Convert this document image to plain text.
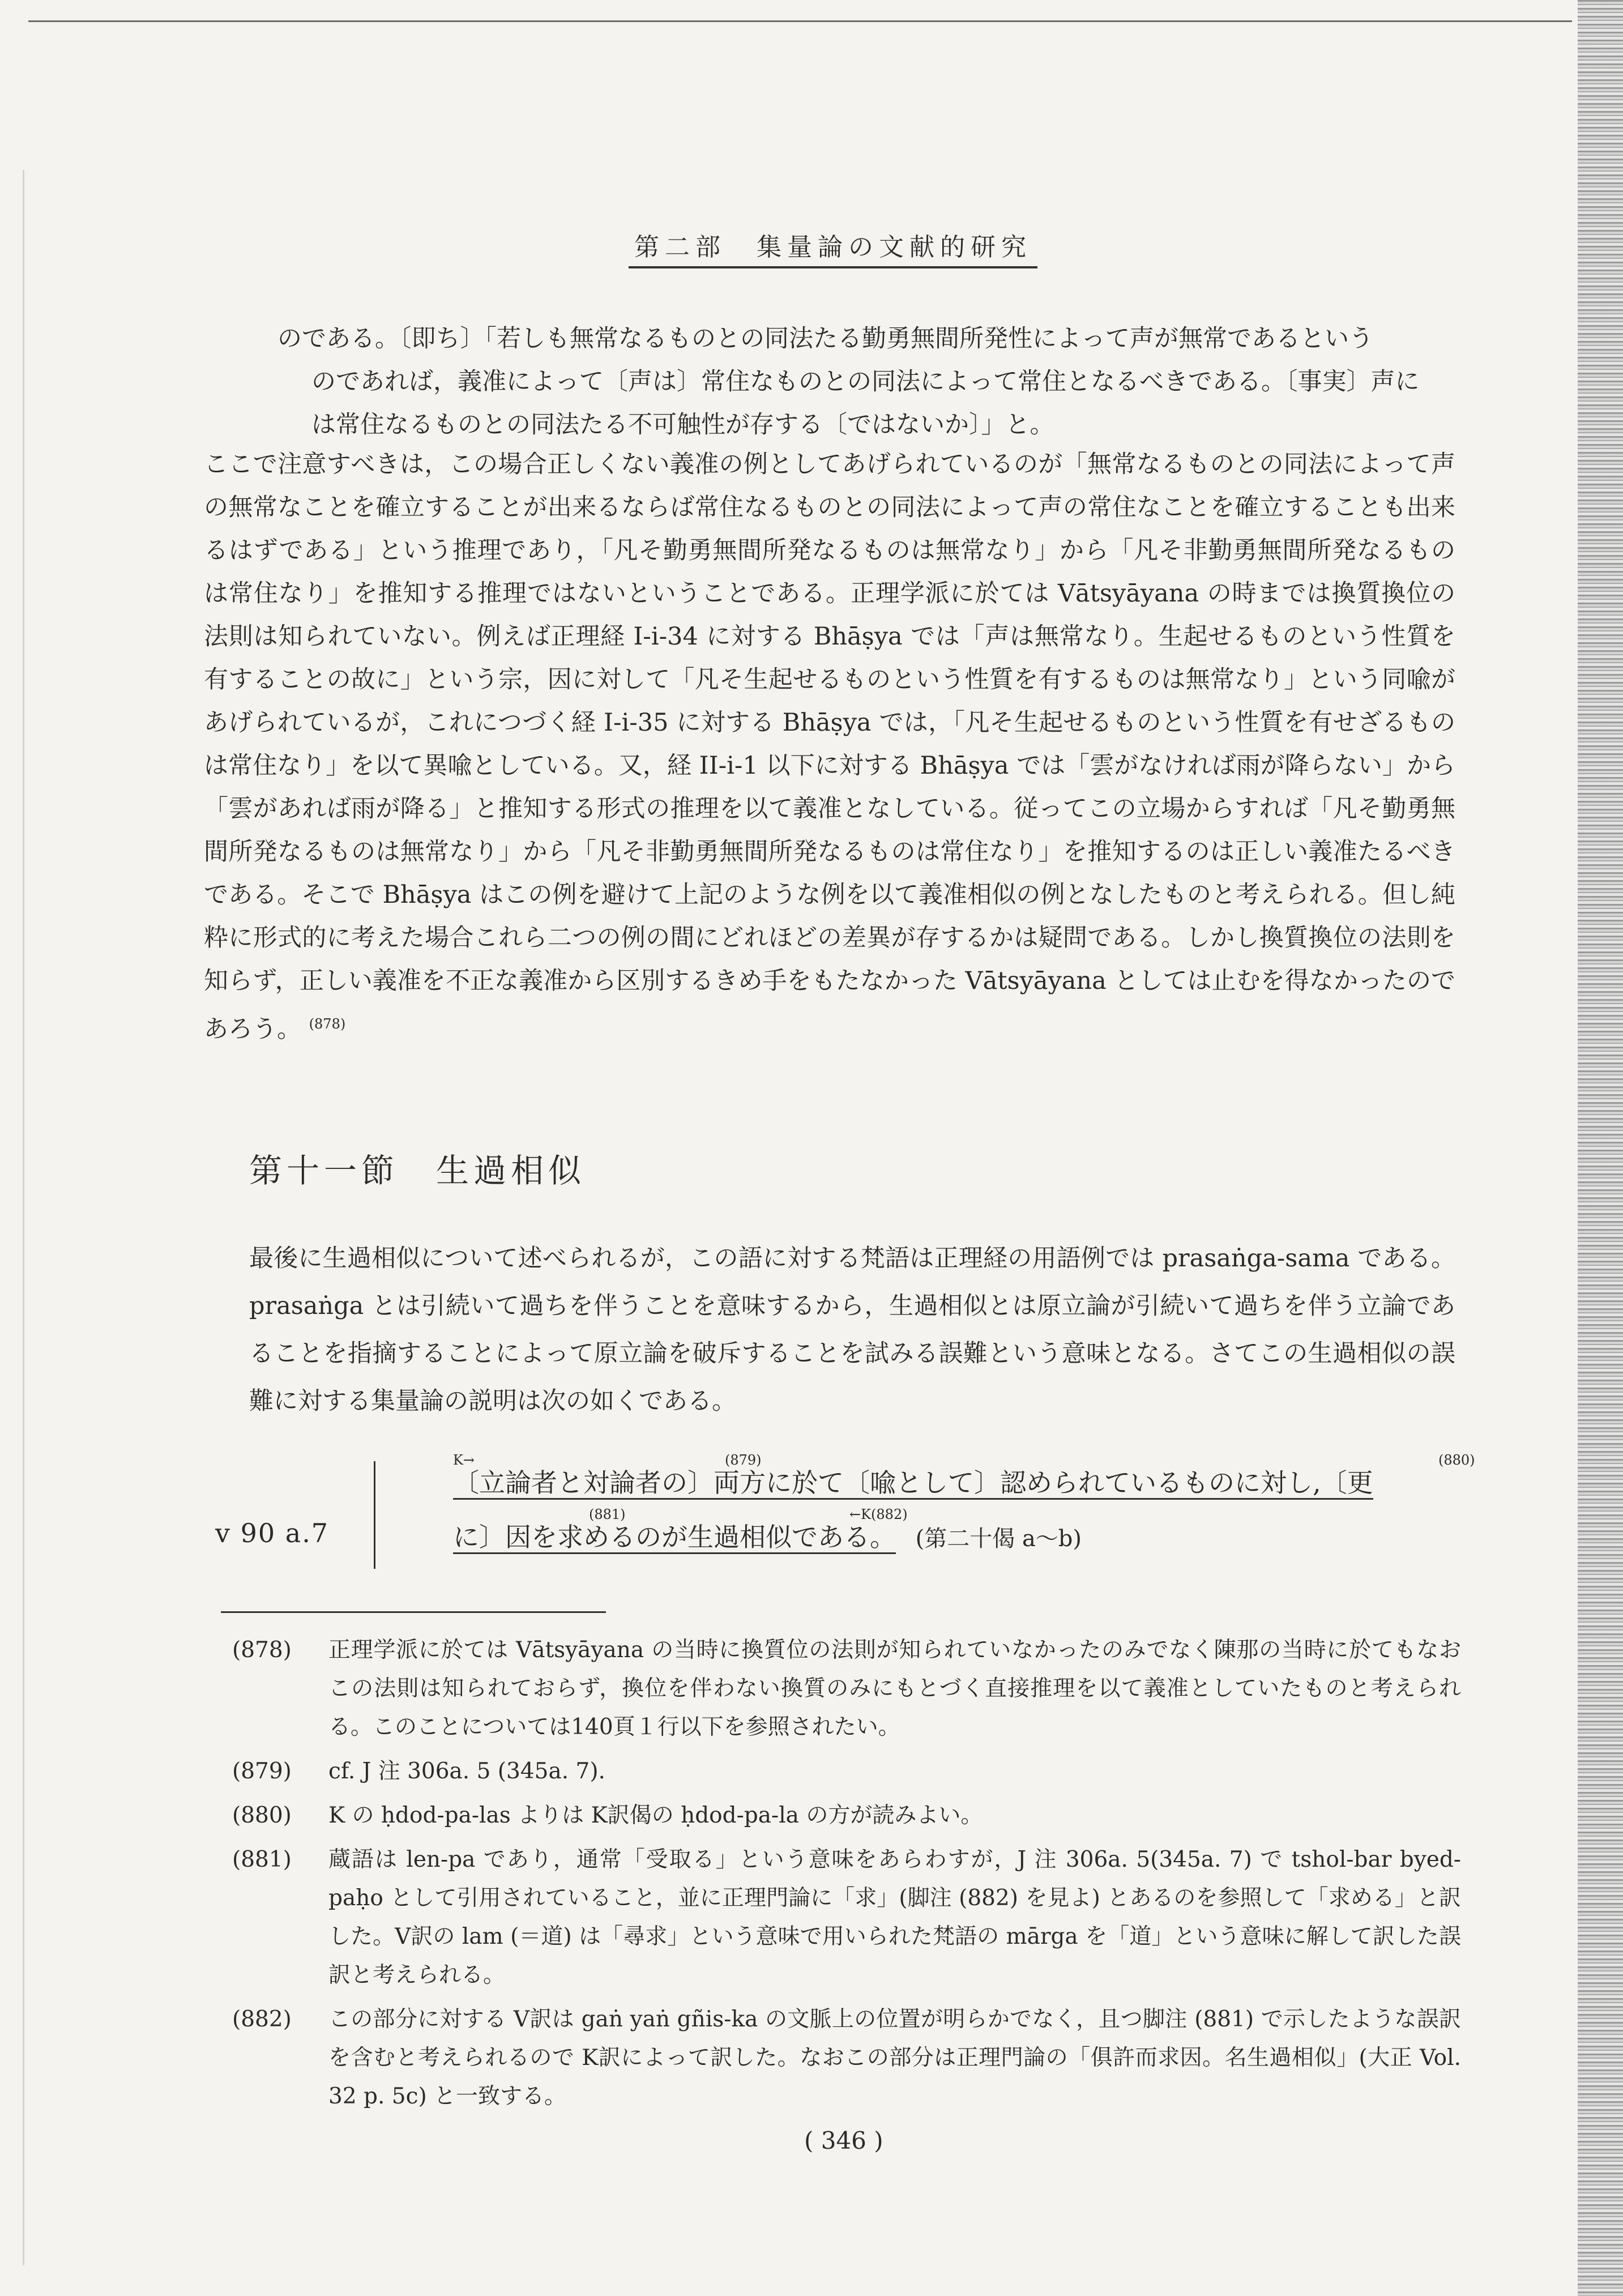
第二部　集量論の文献的研究
のである。〔即ち〕「若しも無常なるものとの同法たる勤勇無間所発性によって声が無常であるという
のであれば，義准によって〔声は〕常住なものとの同法によって常住となるべきである。〔事実〕声に
は常住なるものとの同法たる不可触性が存する〔ではないか〕」と。
ここで注意すべきは，この場合正しくない義准の例としてあげられているのが「無常なるものとの同法によって声の無常なことを確立することが出来るならば常住なるものとの同法によって声の常住なことを確立することも出来るはずである」という推理であり，「凡そ勤勇無間所発なるものは無常なり」から「凡そ非勤勇無間所発なるものは常住なり」を推知する推理ではないということである。正理学派に於ては Vātsyāyana の時までは換質換位の法則は知られていない。例えば正理経 I-i-34 に対する Bhāṣya では「声は無常なり。生起せるものという性質を有することの故に」という宗，因に対して「凡そ生起せるものという性質を有するものは無常なり」という同喩があげられているが，これにつづく経 I-i-35 に対する Bhāṣya では，「凡そ生起せるものという性質を有せざるものは常住なり」を以て異喩としている。又，経 II-i-1 以下に対する Bhāṣya では「雲がなければ雨が降らない」から「雲があれば雨が降る」と推知する形式の推理を以て義准となしている。従ってこの立場からすれば「凡そ勤勇無間所発なるものは無常なり」から「凡そ非勤勇無間所発なるものは常住なり」を推知するのは正しい義准たるべきである。そこで Bhāṣya はこの例を避けて上記のような例を以て義准相似の例となしたものと考えられる。但し純粋に形式的に考えた場合これら二つの例の間にどれほどの差異が存するかは疑問である。しかし換質換位の法則を知らず，正しい義准を不正な義准から区別するきめ手をもたなかった Vātsyāyana としては止むを得なかったのであろう。 $^{(878)}$
第十一節　生過相似
最後に生過相似について述べられるが，この語に対する梵語は正理経の用語例では prasaṅga-sama である。prasaṅga とは引続いて過ちを伴うことを意味するから，生過相似とは原立論が引続いて過ちを伴う立論であることを指摘することによって原立論を破斥することを試みる誤難という意味となる。さてこの生過相似の誤難に対する集量論の説明は次の如くである。
v 90 a.7
K→	(879)	(880)
〔立論者と対論者の〕両方に於て〔喩として〕認められているものに対し,〔更
(881)	←K(882)
に〕因を求めるのが生過相似である。 (第二十偈 a〜b)
(878)	正理学派に於ては Vātsyāyana の当時に換質位の法則が知られていなかったのみでなく陳那の当時に於てもなおこの法則は知られておらず，換位を伴わない換質のみにもとづく直接推理を以て義准としていたものと考えられる。このことについては140頁１行以下を参照されたい。
(879)	cf. J 注 306a. 5 (345a. 7).
(880)	K の ḥdod-pa-las よりは K訳偈の ḥdod-pa-la の方が読みよい。
(881)	蔵語は len-pa であり，通常「受取る」という意味をあらわすが，J 注 306a. 5(345a. 7) で tshol-bar byed-paḥo として引用されていること，並に正理門論に「求」(脚注 (882) を見よ) とあるのを参照して「求める」と訳した。V訳の lam (＝道) は「尋求」という意味で用いられた梵語の mārga を「道」という意味に解して訳した誤訳と考えられる。
(882)	この部分に対する V訳は gaṅ yaṅ gñis-ka の文脈上の位置が明らかでなく，且つ脚注 (881) で示したような誤訳を含むと考えられるので K訳によって訳した。なおこの部分は正理門論の「俱許而求因。名生過相似」(大正 Vol. 32 p. 5c) と一致する。
( 346 )
